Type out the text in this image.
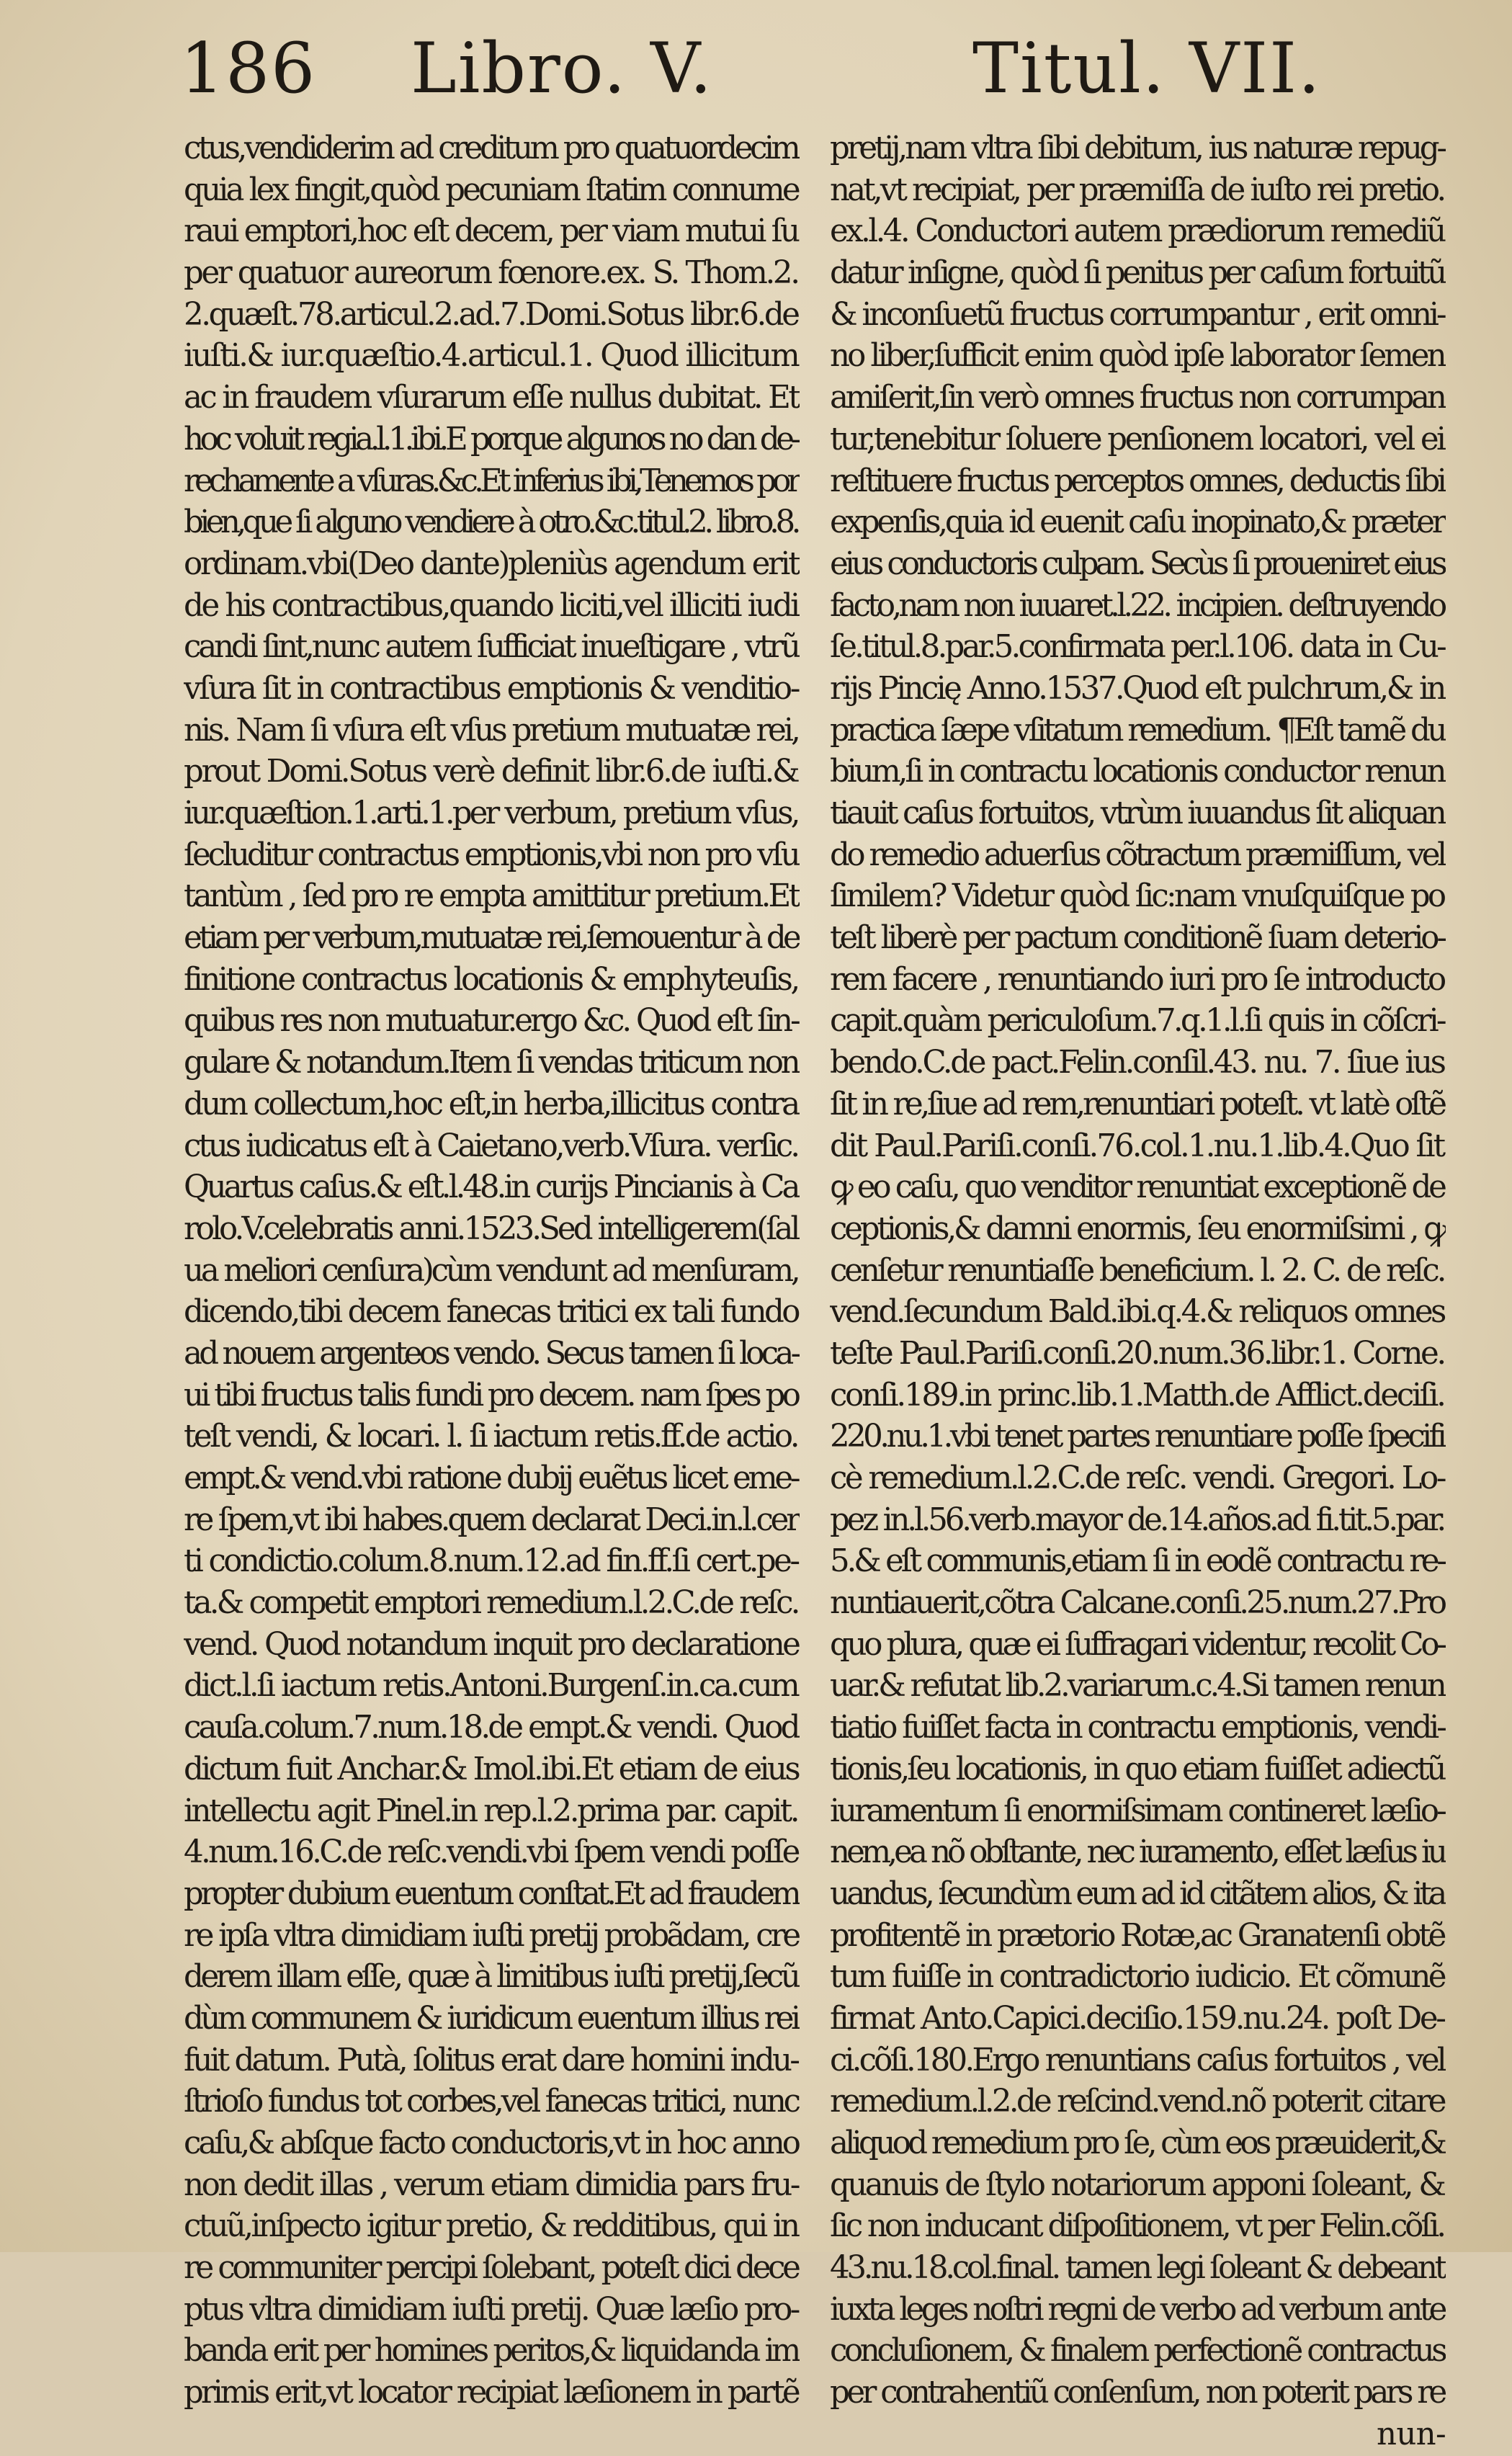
186 Libro. V.	Titul. VII.
ctus,vendiderim ad creditum pro quatuordecim
quia lex fingit,quòd pecuniam ſtatim connume
raui emptori,hoc eſt decem, per viam mutui ſu
per quatuor aureorum fœnore.ex. S. Thom.2.
2.quæſt.78.articul.2.ad.7.Domi.Sotus libr.6.de
iuſti.& iur.quæſtio.4.articul.1. Quod illicitum
ac in fraudem vſurarum eſſe nullus dubitat. Et
hoc voluit regia.l.1.ibi.E porque algunos no dan de-
rechamente a vſuras.&c.Et inferius ibi,Tenemos por
bien,que ſi alguno vendiere à otro.&c.titul.2. libro.8.
ordinam.vbi(Deo dante)pleniùs agendum erit
de his contractibus,quando liciti,vel illiciti iudi
candi ſint,nunc autem ſufficiat inueſtigare , vtrũ
vſura ſit in contractibus emptionis & venditio-
nis. Nam ſi vſura eſt vſus pretium mutuatæ rei,
prout Domi.Sotus verè definit libr.6.de iuſti.&
iur.quæſtion.1.arti.1.per verbum, pretium vſus,
ſecluditur contractus emptionis,vbi non pro vſu
tantùm , ſed pro re empta amittitur pretium.Et
etiam per verbum,mutuatæ rei,ſemouentur à de
finitione contractus locationis & emphyteuſis,
quibus res non mutuatur.ergo &c. Quod eſt ſin-
gulare & notandum.Item ſi vendas triticum non
dum collectum,hoc eſt,in herba,illicitus contra
ctus iudicatus eſt à Caietano,verb.Vſura. verſic.
Quartus caſus.& eſt.l.48.in curijs Pincianis à Ca
rolo.V.celebratis anni.1523.Sed intelligerem(ſal
ua meliori cenſura)cùm vendunt ad menſuram,
dicendo,tibi decem fanecas tritici ex tali fundo
ad nouem argenteos vendo. Secus tamen ſi loca-
ui tibi fructus talis fundi pro decem. nam ſpes po
teſt vendi, & locari. l. ſi iactum retis.ff.de actio.
empt.& vend.vbi ratione dubij euẽtus licet eme-
re ſpem,vt ibi habes.quem declarat Deci.in.l.cer
ti condictio.colum.8.num.12.ad fin.ff.ſi cert.pe-
ta.& competit emptori remedium.l.2.C.de reſc.
vend. Quod notandum inquit pro declaratione
dict.l.ſi iactum retis.Antoni.Burgenſ.in.ca.cum
cauſa.colum.7.num.18.de empt.& vendi. Quod
dictum fuit Anchar.& Imol.ibi.Et etiam de eius
intellectu agit Pinel.in rep.l.2.prima par. capit.
4.num.16.C.de reſc.vendi.vbi ſpem vendi poſſe
propter dubium euentum conſtat.Et ad fraudem
re ipſa vltra dimidiam iuſti pretij probãdam, cre
derem illam eſſe, quæ à limitibus iuſti pretij,ſecũ
dùm communem & iuridicum euentum illius rei
fuit datum. Putà, ſolitus erat dare homini indu-
ſtrioſo fundus tot corbes,vel fanecas tritici, nunc
caſu,& abſque facto conductoris,vt in hoc anno
non dedit illas , verum etiam dimidia pars fru-
ctuũ,inſpecto igitur pretio, & redditibus, qui in
re communiter percipi ſolebant, poteſt dici dece
ptus vltra dimidiam iuſti pretij. Quæ læſio pro-
banda erit per homines peritos,& liquidanda im
primis erit,vt locator recipiat læſionem in partẽ
pretij,nam vltra ſibi debitum, ius naturæ repug-
nat,vt recipiat, per præmiſſa de iuſto rei pretio.
ex.l.4. Conductori autem prædiorum remediũ
datur inſigne, quòd ſi penitus per caſum fortuitũ
& inconſuetũ fructus corrumpantur , erit omni-
no liber,ſufficit enim quòd ipſe laborator ſemen
amiſerit,ſin verò omnes fructus non corrumpan
tur,tenebitur ſoluere penſionem locatori, vel ei
reſtituere fructus perceptos omnes, deductis ſibi
expenſis,quia id euenit caſu inopinato,& præter
eius conductoris culpam. Secùs ſi proueniret eius
facto,nam non iuuaret.l.22. incipien. deſtruyendo
ſe.titul.8.par.5.confirmata per.l.106. data in Cu-
rijs Pincię Anno.1537.Quod eſt pulchrum,& in
practica ſæpe vſitatum remedium. ¶Eſt tamẽ du
bium,ſi in contractu locationis conductor renun
tiauit caſus fortuitos, vtrùm iuuandus ſit aliquan
do remedio aduerſus cõtractum præmiſſum, vel
ſimilem? Videtur quòd ſic:nam vnuſquiſque po
teſt liberè per pactum conditionẽ ſuam deterio-
rem facere , renuntiando iuri pro ſe introducto
capit.quàm periculoſum.7.q.1.l.ſi quis in cõſcri-
bendo.C.de pact.Felin.conſil.43. nu. 7. ſiue ius
ſit in re,ſiue ad rem,renuntiari poteſt. vt latè oſtẽ
dit Paul.Pariſi.conſi.76.col.1.nu.1.lib.4.Quo ſit
ꝙ eo caſu, quo venditor renuntiat exceptionẽ de
ceptionis,& damni enormis, ſeu enormiſsimi , ꝙ
cenſetur renuntiaſſe beneficium. l. 2. C. de reſc.
vend.ſecundum Bald.ibi.q.4.& reliquos omnes
teſte Paul.Pariſi.conſi.20.num.36.libr.1. Corne.
conſi.189.in princ.lib.1.Matth.de Afflict.deciſi.
220.nu.1.vbi tenet partes renuntiare poſſe ſpecifi
cè remedium.l.2.C.de reſc. vendi. Gregori. Lo-
pez in.l.56.verb.mayor de.14.años.ad fi.tit.5.par.
5.& eſt communis,etiam ſi in eodẽ contractu re-
nuntiauerit,cõtra Calcane.conſi.25.num.27.Pro
quo plura, quæ ei ſuffragari videntur, recolit Co-
uar.& refutat lib.2.variarum.c.4.Si tamen renun
tiatio fuiſſet facta in contractu emptionis, vendi-
tionis,ſeu locationis, in quo etiam fuiſſet adiectũ
iuramentum ſi enormiſsimam contineret læſio-
nem,ea nõ obſtante, nec iuramento, eſſet læſus iu
uandus, ſecundùm eum ad id citãtem alios, & ita
profitentẽ in prætorio Rotæ,ac Granatenſi obtẽ
tum fuiſſe in contradictorio iudicio. Et cõmunẽ
firmat Anto.Capici.deciſio.159.nu.24. poſt De-
ci.cõſi.180.Ergo renuntians caſus fortuitos , vel
remedium.l.2.de reſcind.vend.nõ poterit citare
aliquod remedium pro ſe, cùm eos præuiderit,&
quanuis de ſtylo notariorum apponi ſoleant, &
ſic non inducant diſpoſitionem, vt per Felin.cõſi.
43.nu.18.col.final. tamen legi ſoleant & debeant
iuxta leges noſtri regni de verbo ad verbum ante
concluſionem, & finalem perfectionẽ contractus
per contrahentiũ conſenſum, non poterit pars re
nun-
